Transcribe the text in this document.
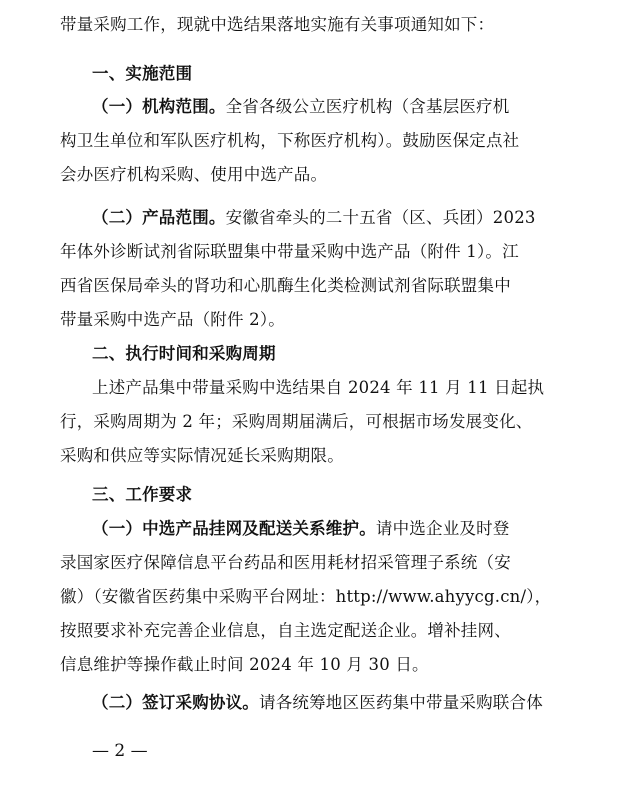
带量采购工作，现就中选结果落地实施有关事项通知如下：
一、实施范围
（一）机构范围。全省各级公立医疗机构（含基层医疗机
构卫生单位和军队医疗机构，下称医疗机构）。鼓励医保定点社
会办医疗机构采购、使用中选产品。
（二）产品范围。安徽省牵头的二十五省（区、兵团）2023
年体外诊断试剂省际联盟集中带量采购中选产品（附件 1）。江
西省医保局牵头的肾功和心肌酶生化类检测试剂省际联盟集中
带量采购中选产品（附件 2）。
二、执行时间和采购周期
上述产品集中带量采购中选结果自 2024 年 11 月 11 日起执
行，采购周期为 2 年；采购周期届满后，可根据市场发展变化、
采购和供应等实际情况延长采购期限。
三、工作要求
（一）中选产品挂网及配送关系维护。请中选企业及时登
录国家医疗保障信息平台药品和医用耗材招采管理子系统（安
徽）（安徽省医药集中采购平台网址：http://www.ahyycg.cn/），
按照要求补充完善企业信息，自主选定配送企业。增补挂网、
信息维护等操作截止时间 2024 年 10 月 30 日。
（二）签订采购协议。请各统筹地区医药集中带量采购联合体
— 2 —
